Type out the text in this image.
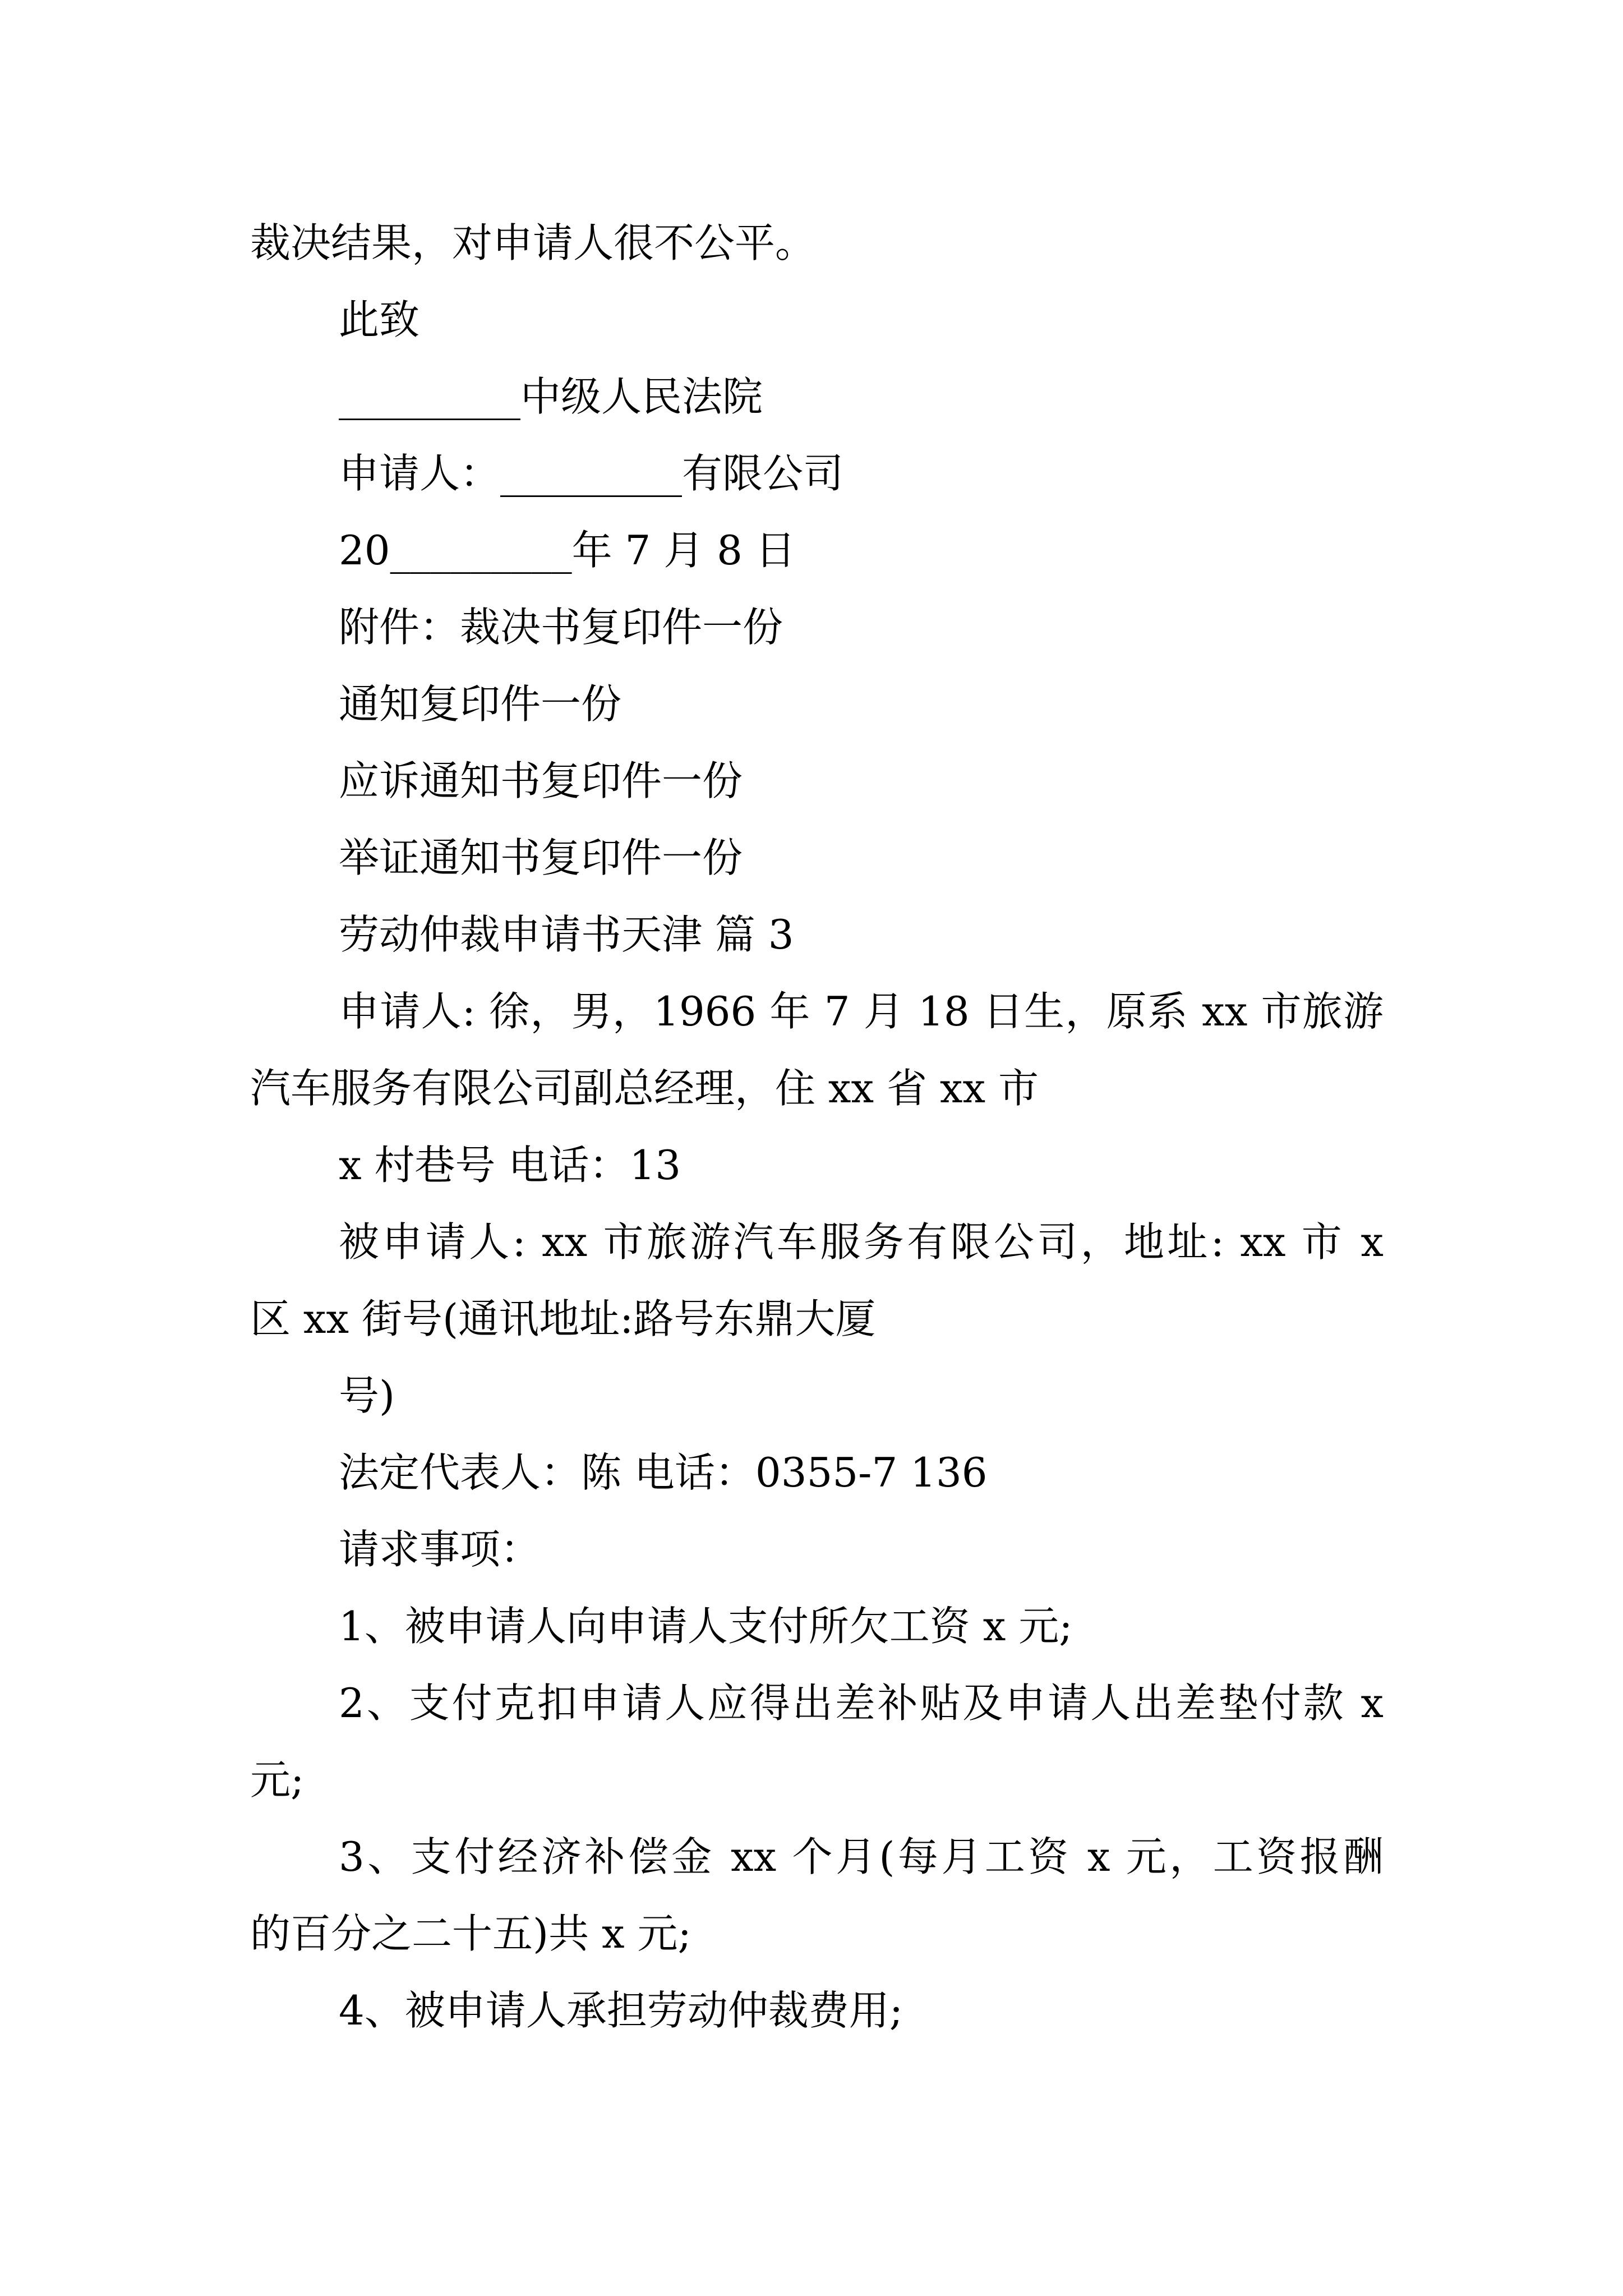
裁决结果，对申请人很不公平。

此致

_________中级人民法院

申请人：_________有限公司

20_________年 7 月 8 日

附件：裁决书复印件一份

通知复印件一份

应诉通知书复印件一份

举证通知书复印件一份

劳动仲裁申请书天津 篇 3

申请人: 徐，男，1966 年 7 月 18 日生，原系 xx 市旅游

汽车服务有限公司副总经理，住 xx 省 xx 市

x 村巷号 电话：13

被申请人: xx 市旅游汽车服务有限公司，地址: xx 市 x

区 xx 街号(通讯地址:路号东鼎大厦

号)

法定代表人：陈 电话：0355-7 136

请求事项：

1、被申请人向申请人支付所欠工资 x 元;

2、支付克扣申请人应得出差补贴及申请人出差垫付款 x

元;

3、支付经济补偿金 xx 个月(每月工资 x 元，工资报酬

的百分之二十五)共 x 元;

4、被申请人承担劳动仲裁费用;
